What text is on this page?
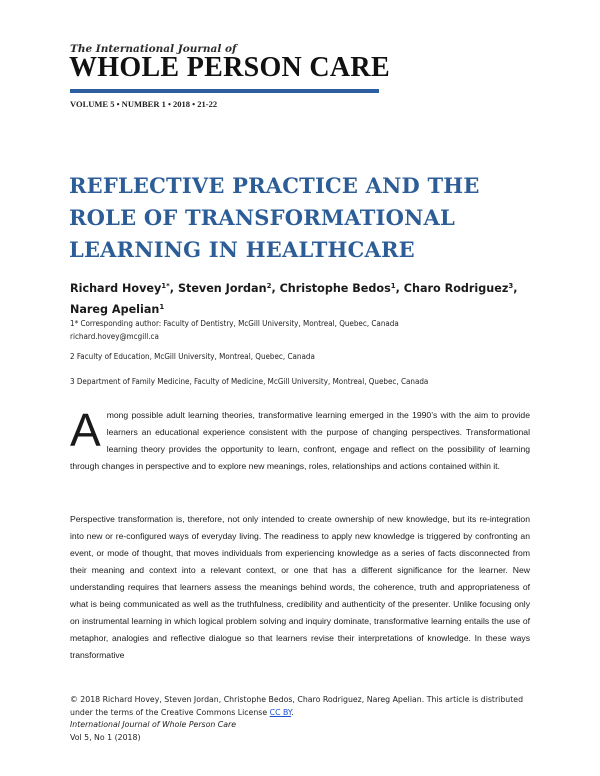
The International Journal of
WHOLE PERSON CARE
VOLUME 5 • NUMBER 1 • 2018 • 21-22
REFLECTIVE PRACTICE AND THE
ROLE OF TRANSFORMATIONAL
LEARNING IN HEALTHCARE
Richard Hovey$^{1*}$, Steven Jordan$^2$, Christophe Bedos$^1$, Charo Rodriguez$^3$, Nareg Apelian$^1$
1* Corresponding author: Faculty of Dentistry, McGill University, Montreal, Quebec, Canada
richard.hovey@mcgill.ca
2 Faculty of Education, McGill University, Montreal, Quebec, Canada
3 Department of Family Medicine, Faculty of Medicine, McGill University, Montreal, Quebec, Canada
A mong possible adult learning theories, transformative learning emerged in the 1990’s with the aim to provide learners an educational experience consistent with the purpose of changing perspectives. Transformational learning theory provides the opportunity to learn, confront, engage and reflect on the possibility of learning through changes in perspective and to explore new meanings, roles, relationships and actions contained within it.

Perspective transformation is, therefore, not only intended to create ownership of new knowledge, but its re-integration into new or re-configured ways of everyday living. The readiness to apply new knowledge is triggered by confronting an event, or mode of thought, that moves individuals from experiencing knowledge as a series of facts disconnected from their meaning and context into a relevant context, or one that has a different significance for the learner. New understanding requires that learners assess the meanings behind words, the coherence, truth and appropriateness of what is being communicated as well as the truthfulness, credibility and authenticity of the presenter. Unlike focusing only on instrumental learning in which logical problem solving and inquiry dominate, transformative learning entails the use of metaphor, analogies and reflective dialogue so that learners revise their interpretations of knowledge. In these ways transformative

© 2018 Richard Hovey, Steven Jordan, Christophe Bedos, Charo Rodriguez, Nareg Apelian. This article is distributed under the terms of the Creative Commons License CC BY.
International Journal of Whole Person Care
Vol 5, No 1 (2018)
